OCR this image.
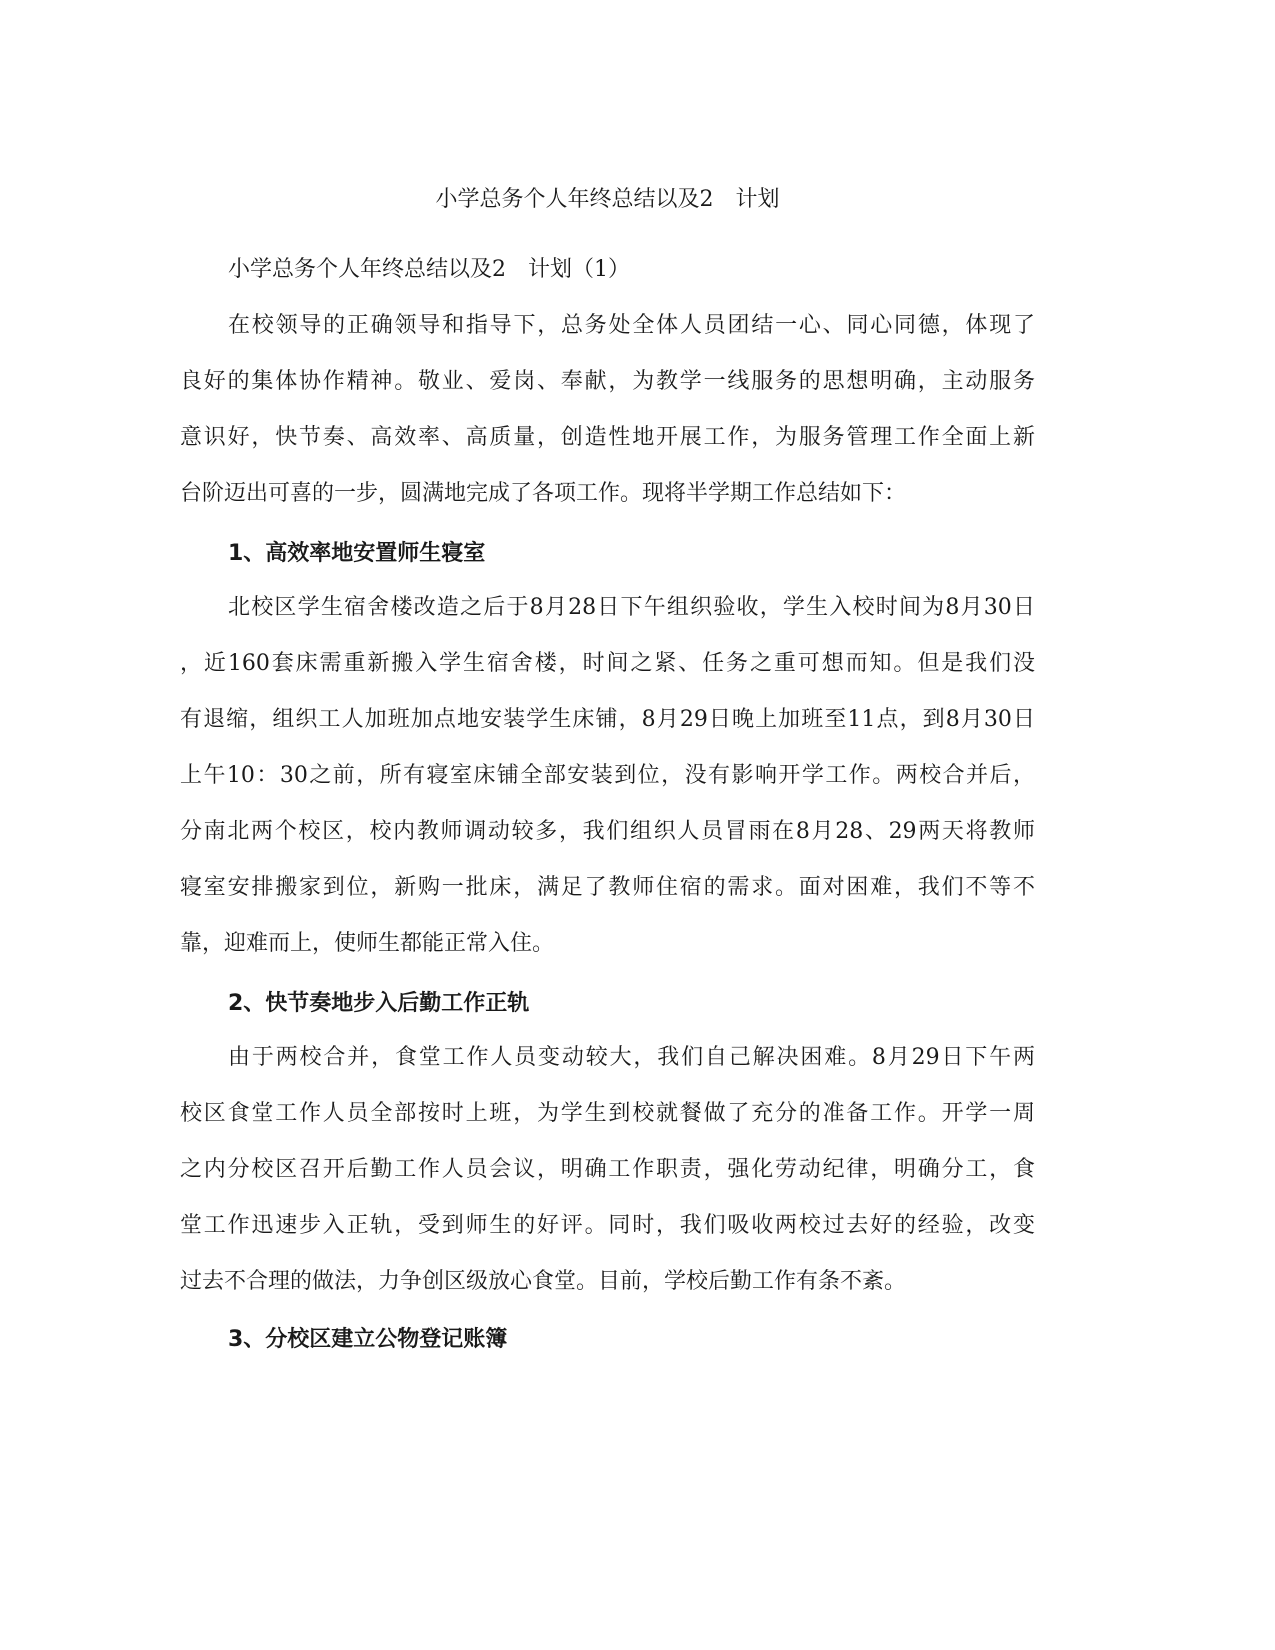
小学总务个人年终总结以及2　计划

小学总务个人年终总结以及2　计划（1）

在校领导的正确领导和指导下，总务处全体人员团结一心、同心同德，体现了
良好的集体协作精神。敬业、爱岗、奉献，为教学一线服务的思想明确，主动服务
意识好，快节奏、高效率、高质量，创造性地开展工作，为服务管理工作全面上新
台阶迈出可喜的一步，圆满地完成了各项工作。现将半学期工作总结如下：
1、高效率地安置师生寝室
北校区学生宿舍楼改造之后于8月28日下午组织验收，学生入校时间为8月30日
，近160套床需重新搬入学生宿舍楼，时间之紧、任务之重可想而知。但是我们没
有退缩，组织工人加班加点地安装学生床铺，8月29日晚上加班至11点，到8月30日
上午10：30之前，所有寝室床铺全部安装到位，没有影响开学工作。两校合并后，
分南北两个校区，校内教师调动较多，我们组织人员冒雨在8月28、29两天将教师
寝室安排搬家到位，新购一批床，满足了教师住宿的需求。面对困难，我们不等不
靠，迎难而上，使师生都能正常入住。
2、快节奏地步入后勤工作正轨
由于两校合并，食堂工作人员变动较大，我们自己解决困难。8月29日下午两
校区食堂工作人员全部按时上班，为学生到校就餐做了充分的准备工作。开学一周
之内分校区召开后勤工作人员会议，明确工作职责，强化劳动纪律，明确分工，食
堂工作迅速步入正轨，受到师生的好评。同时，我们吸收两校过去好的经验，改变
过去不合理的做法，力争创区级放心食堂。目前，学校后勤工作有条不紊。
3、分校区建立公物登记账簿
